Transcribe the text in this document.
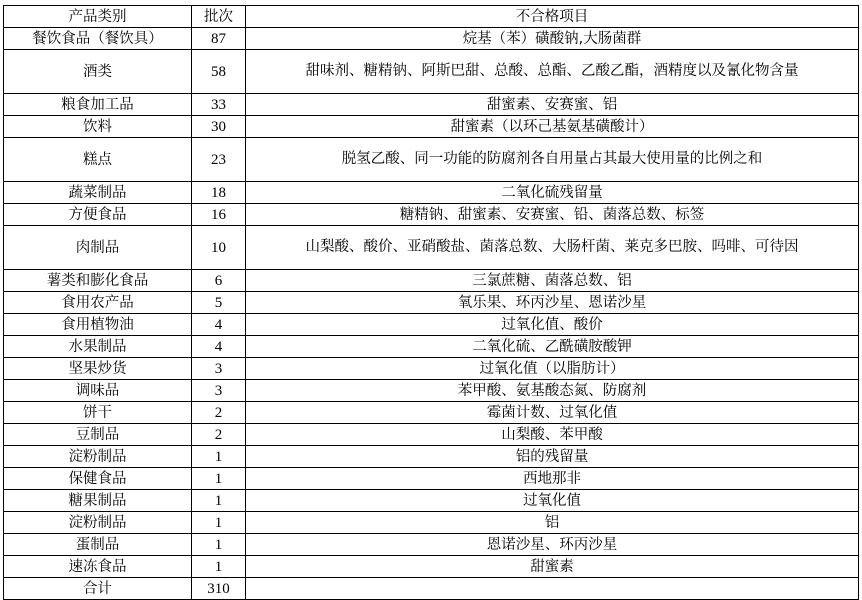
产品类别	批次	不合格项目
餐饮食品（餐饮具）	87	烷基（苯）磺酸钠,大肠菌群
酒类	58	甜味剂、糖精钠、阿斯巴甜、总酸、总酯、乙酸乙酯，酒精度以及氰化物含量
粮食加工品	33	甜蜜素、安赛蜜、铝
饮料	30	甜蜜素（以环己基氨基磺酸计）
糕点	23	脱氢乙酸、同一功能的防腐剂各自用量占其最大使用量的比例之和
蔬菜制品	18	二氧化硫残留量
方便食品	16	糖精钠、甜蜜素、安赛蜜、铅、菌落总数、标签
肉制品	10	山梨酸、酸价、亚硝酸盐、菌落总数、大肠杆菌、莱克多巴胺、吗啡、可待因
薯类和膨化食品	6	三氯蔗糖、菌落总数、铝
食用农产品	5	氧乐果、环丙沙星、恩诺沙星
食用植物油	4	过氧化值、酸价
水果制品	4	二氧化硫、乙酰磺胺酸钾
坚果炒货	3	过氧化值（以脂肪计）
调味品	3	苯甲酸、氨基酸态氮、防腐剂
饼干	2	霉菌计数、过氧化值
豆制品	2	山梨酸、苯甲酸
淀粉制品	1	铝的残留量
保健食品	1	西地那非
糖果制品	1	过氧化值
淀粉制品	1	铝
蛋制品	1	恩诺沙星、环丙沙星
速冻食品	1	甜蜜素
合计	310	
